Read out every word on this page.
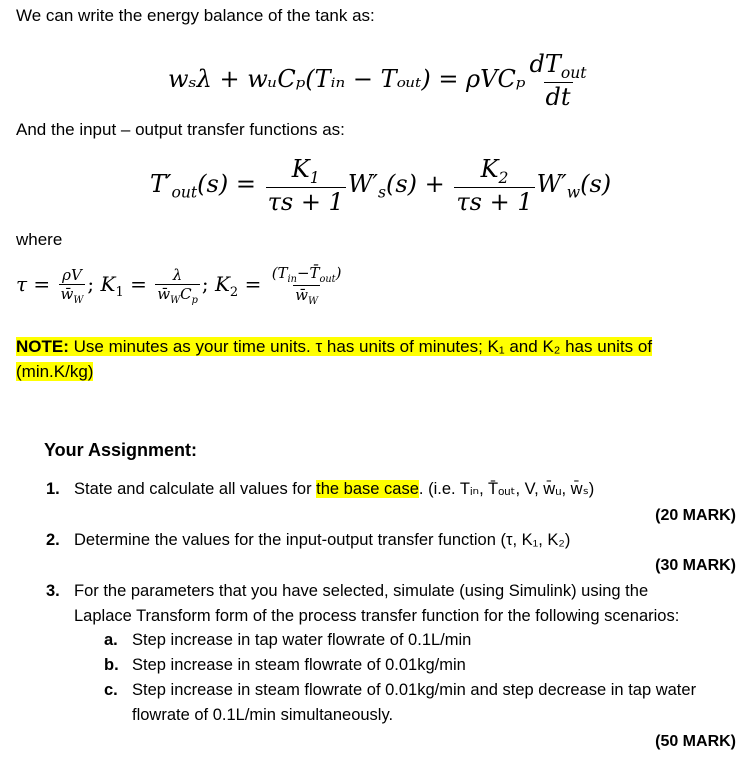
We can write the energy balance of the tank as:
wₛλ + wᵤCₚ(Tᵢₙ − Tₒᵤₜ) = ρVCₚ $\frac{dT_{out}}{dt}$
And the input – output transfer functions as:
$T'_{out}(s) = \frac{K_1}{\tau s + 1} W'_s(s) + \frac{K_2}{\tau s + 1} W'_w(s)$
where
$\tau = \frac{\rho V}{w̄_W}$ ; $K_1 = \frac{\lambda}{w̄_WC_p}$ ; $K_2 = \frac{(T_{in}-T̄_{out})}{w̄_W}$
NOTE: Use minutes as your time units. τ has units of minutes; K₁ and K₂ has units of
(min.K/kg)
Your Assignment:
1. State and calculate all values for the base case. (i.e. Tᵢₙ, T̄ₒᵤₜ, V, w̄ᵤ, w̄ₛ)
(20 MARK)
2. Determine the values for the input-output transfer function (τ, K₁, K₂)
(30 MARK)
3. For the parameters that you have selected, simulate (using Simulink) using the
Laplace Transform form of the process transfer function for the following scenarios:
a. Step increase in tap water flowrate of 0.1L/min
b. Step increase in steam flowrate of 0.01kg/min
c. Step increase in steam flowrate of 0.01kg/min and step decrease in tap water
flowrate of 0.1L/min simultaneously.
(50 MARK)
